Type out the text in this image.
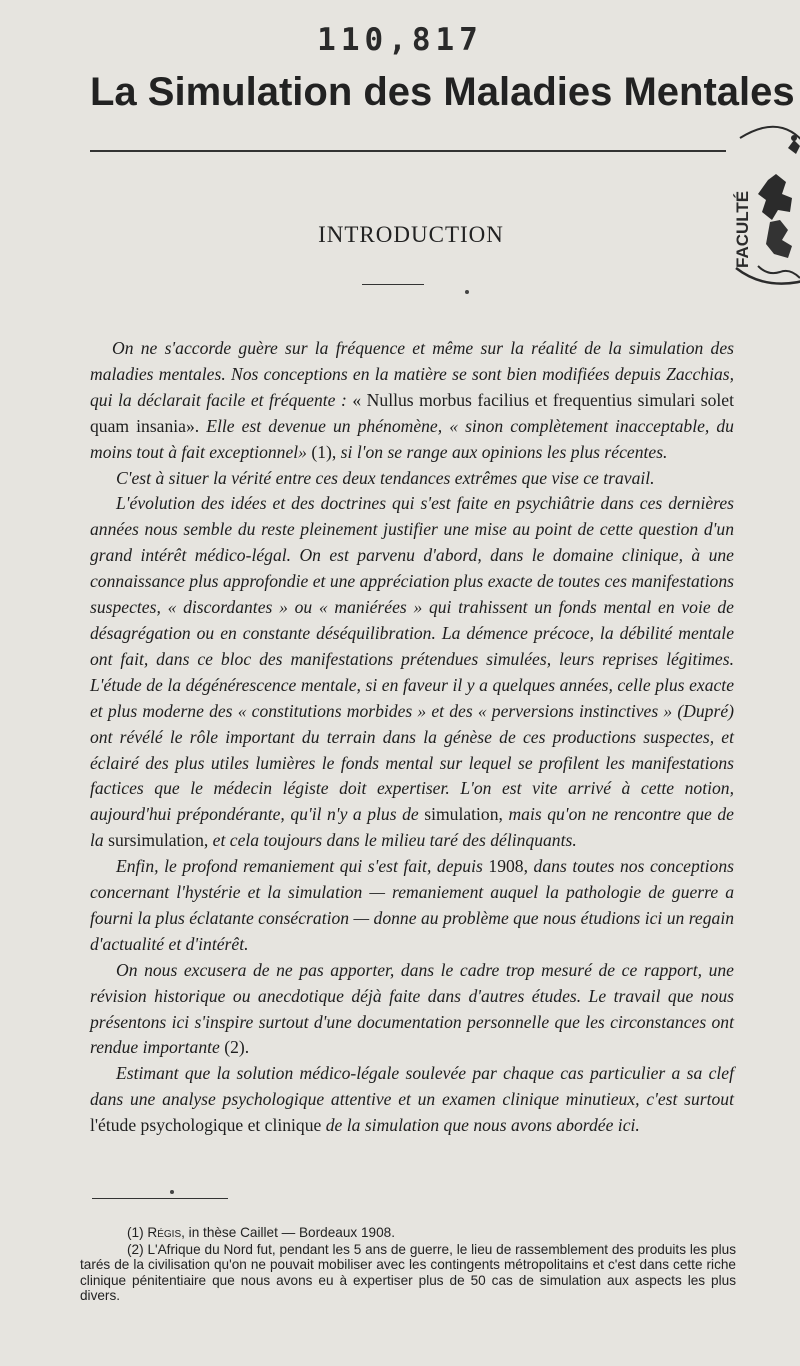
110,817
La Simulation des Maladies Mentales
FACULTÉ
INTRODUCTION

On ne s'accorde guère sur la fréquence et même sur la réalité de la simulation des maladies mentales. Nos conceptions en la matière se sont bien modifiées depuis Zacchias, qui la déclarait facile et fréquente : « Nullus morbus facilius et frequentius simulari solet quam insania». Elle est devenue un phénomène, « sinon complètement inacceptable, du moins tout à fait exceptionnel» (1), si l'on se range aux opinions les plus récentes.

C'est à situer la vérité entre ces deux tendances extrêmes que vise ce travail.

L'évolution des idées et des doctrines qui s'est faite en psychiâtrie dans ces dernières années nous semble du reste pleinement justifier une mise au point de cette question d'un grand intérêt médico-légal. On est parvenu d'abord, dans le domaine clinique, à une connaissance plus approfondie et une appréciation plus exacte de toutes ces manifestations suspectes, « discordantes » ou « maniérées » qui trahissent un fonds mental en voie de désagrégation ou en constante déséquilibration. La démence précoce, la débilité mentale ont fait, dans ce bloc des manifestations prétendues simulées, leurs reprises légitimes. L'étude de la dégénérescence mentale, si en faveur il y a quelques années, celle plus exacte et plus moderne des « constitutions morbides » et des « perversions instinctives » (Dupré) ont révélé le rôle important du terrain dans la génèse de ces productions suspectes, et éclairé des plus utiles lumières le fonds mental sur lequel se profilent les manifestations factices que le médecin légiste doit expertiser. L'on est vite arrivé à cette notion, aujourd'hui prépondérante, qu'il n'y a plus de simulation, mais qu'on ne rencontre que de la sursimulation, et cela toujours dans le milieu taré des délinquants.

Enfin, le profond remaniement qui s'est fait, depuis 1908, dans toutes nos conceptions concernant l'hystérie et la simulation — remaniement auquel la pathologie de guerre a fourni la plus éclatante consécration — donne au problème que nous étudions ici un regain d'actualité et d'intérêt.

On nous excusera de ne pas apporter, dans le cadre trop mesuré de ce rapport, une révision historique ou anecdotique déjà faite dans d'autres études. Le travail que nous présentons ici s'inspire surtout d'une documentation personnelle que les circonstances ont rendue importante (2).

Estimant que la solution médico-légale soulevée par chaque cas particulier a sa clef dans une analyse psychologique attentive et un examen clinique minutieux, c'est surtout l'étude psychologique et clinique de la simulation que nous avons abordée ici.

(1) Régis, in thèse Caillet — Bordeaux 1908.

(2) L'Afrique du Nord fut, pendant les 5 ans de guerre, le lieu de rassemblement des produits les plus tarés de la civilisation qu'on ne pouvait mobiliser avec les contingents métropolitains et c'est dans cette riche clinique pénitentiaire que nous avons eu à expertiser plus de 50 cas de simulation aux aspects les plus divers.
